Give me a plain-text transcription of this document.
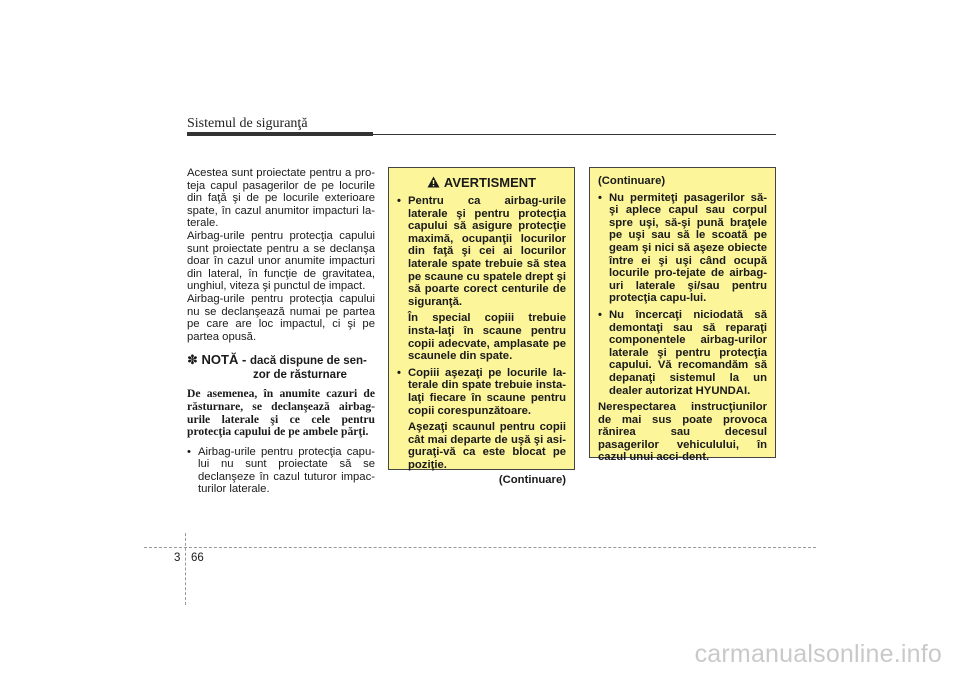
Sistemul de siguranţă

Acestea sunt proiectate pentru a pro-teja capul pasagerilor de pe locurile din faţă şi de pe locurile exterioare spate, în cazul anumitor impacturi la-terale.

Airbag-urile pentru protecţia capului sunt proiectate pentru a se declanşa doar în cazul unor anumite impacturi din lateral, în funcţie de gravitatea, unghiul, viteza şi punctul de impact.

Airbag-urile pentru protecţia capului nu se declanşează numai pe partea pe care are loc impactul, ci şi pe partea opusă.

✽ NOTĂ - dacă dispune de sen-
zor de răsturnare
De asemenea, în anumite cazuri de răsturnare, se declanşează airbag-urile laterale şi ce cele pentru protecţia capului de pe ambele părţi.
• Airbag-urile pentru protecţia capu-lui nu sunt proiectate să se declanşeze în cazul tuturor impac-turilor laterale.
AVERTISMENT
• Pentru ca airbag-urile laterale şi pentru protecţia capului să asigure protecţie maximă, ocupanţii locurilor din faţă şi cei ai locurilor laterale spate trebuie să stea pe scaune cu spatele drept şi să poarte corect centurile de siguranţă.
În special copiii trebuie insta-laţi în scaune pentru copii adecvate, amplasate pe scaunele din spate.
• Copiii aşezaţi pe locurile la-terale din spate trebuie insta-laţi fiecare în scaune pentru copii corespunzătoare.
Aşezaţi scaunul pentru copii cât mai departe de uşă şi asi-guraţi-vă ca este blocat pe poziţie.
(Continuare)

(Continuare)

• Nu permiteţi pasagerilor să-şi aplece capul sau corpul spre uşi, să-şi pună braţele pe uşi sau să le scoată pe geam şi nici să aşeze obiecte între ei şi uşi când ocupă locurile pro-tejate de airbag-uri laterale şi/sau pentru protecţia capu-lui.
• Nu încercaţi niciodată să demontaţi sau să reparaţi componentele airbag-urilor laterale şi pentru protecţia capului. Vă recomandăm să depanaţi sistemul la un dealer autorizat HYUNDAI.

Nerespectarea instrucţiunilor de mai sus poate provoca rănirea sau decesul pasagerilor vehiculului, în cazul unui acci-dent.

3 66
carmanualsonline.info
